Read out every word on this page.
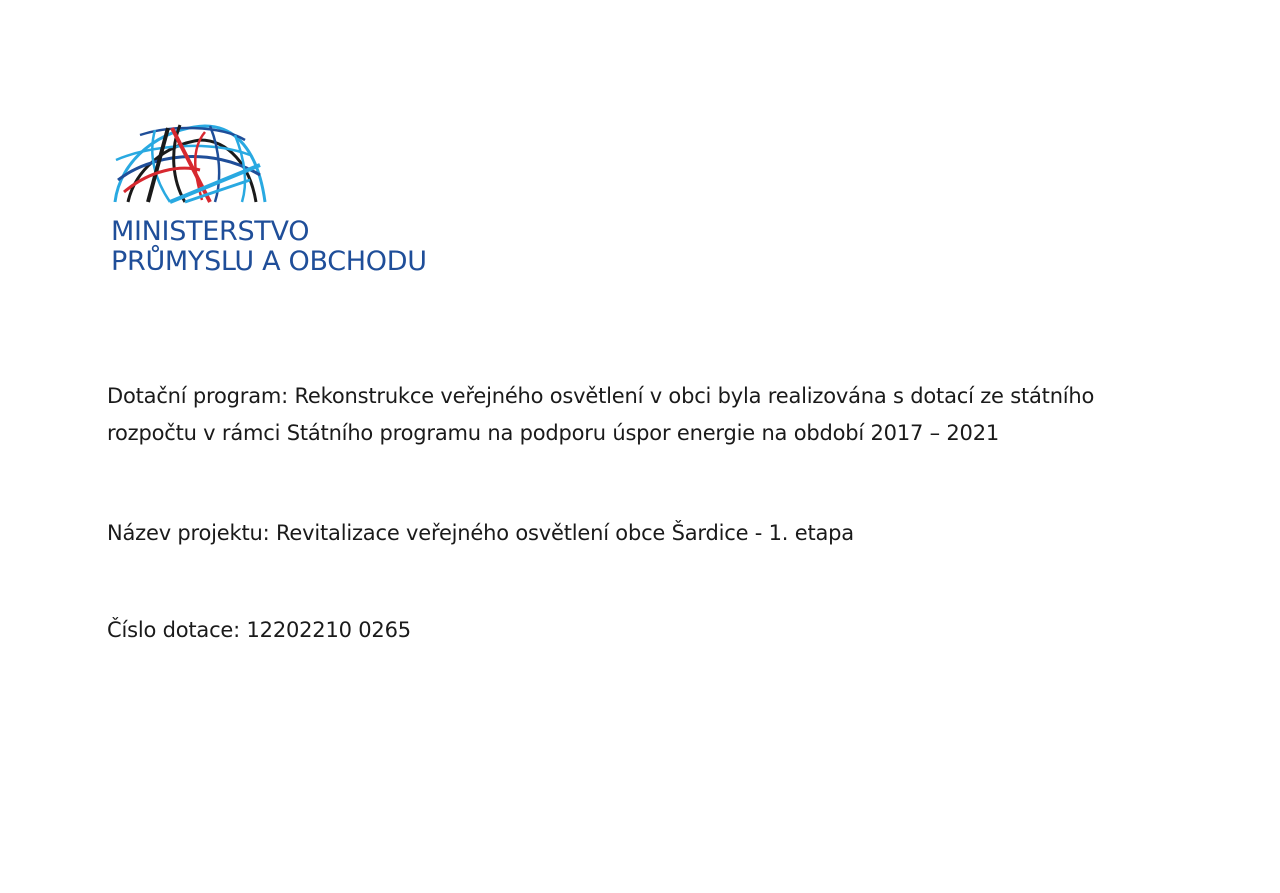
MINISTERSTVO
PRŮMYSLU A OBCHODU

Dotační program: Rekonstrukce veřejného osvětlení v obci byla realizována s dotací ze státního
rozpočtu v rámci Státního programu na podporu úspor energie na období 2017 – 2021

Název projektu: Revitalizace veřejného osvětlení obce Šardice - 1. etapa

Číslo dotace: 12202210 0265
